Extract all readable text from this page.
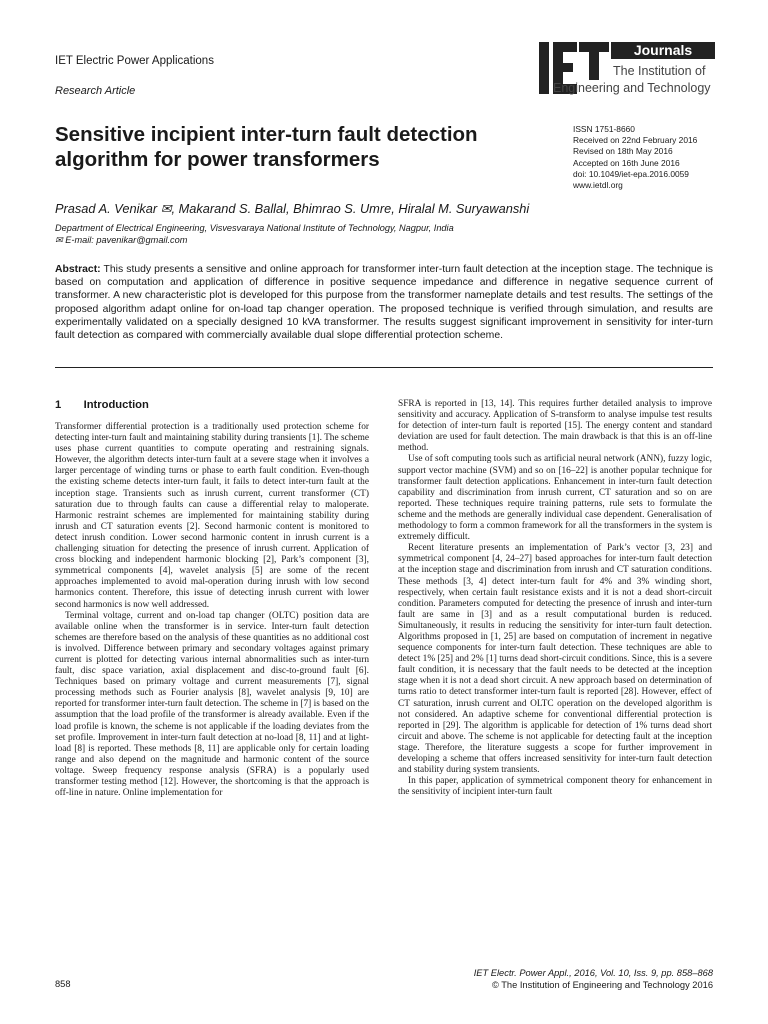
IET Electric Power Applications
Research Article
Journals
The Institution of
Engineering and Technology
Sensitive incipient inter-turn fault detection algorithm for power transformers
ISSN 1751-8660
Received on 22nd February 2016
Revised on 18th May 2016
Accepted on 16th June 2016
doi: 10.1049/iet-epa.2016.0059
www.ietdl.org
Prasad A. Venikar ✉, Makarand S. Ballal, Bhimrao S. Umre, Hiralal M. Suryawanshi
Department of Electrical Engineering, Visvesvaraya National Institute of Technology, Nagpur, India
✉ E-mail: pavenikar@gmail.com
Abstract: This study presents a sensitive and online approach for transformer inter-turn fault detection at the inception stage. The technique is based on computation and application of difference in positive sequence impedance and difference in negative sequence current of transformer. A new characteristic plot is developed for this purpose from the transformer nameplate details and test results. The settings of the proposed algorithm adapt online for on-load tap changer operation. The proposed technique is verified through simulation, and results are experimentally validated on a specially designed 10 kVA transformer. The results suggest significant improvement in sensitivity for inter-turn fault detection as compared with commercially available dual slope differential protection scheme.
1  Introduction

Transformer differential protection is a traditionally used protection scheme for detecting inter-turn fault and maintaining stability during transients [1]. The scheme uses phase current quantities to compute operating and restraining signals. However, the algorithm detects inter-turn fault at a severe stage when it involves a larger percentage of winding turns or phase to earth fault condition. Even-though the existing scheme detects inter-turn fault, it fails to detect inter-turn fault at the inception stage. Transients such as inrush current, current transformer (CT) saturation due to through faults can cause a differential relay to maloperate. Harmonic restraint schemes are implemented for maintaining stability during inrush and CT saturation events [2]. Second harmonic content is monitored to detect inrush condition. Lower second harmonic content in inrush current is a challenging situation for detecting the presence of inrush current. Application of cross blocking and independent harmonic blocking [2], Park’s component [3], symmetrical components [4], wavelet analysis [5] are some of the recent approaches implemented to avoid mal-operation during inrush with low second harmonics content. Therefore, this issue of detecting inrush current with lower second harmonics is now well addressed.

Terminal voltage, current and on-load tap changer (OLTC) position data are available online when the transformer is in service. Inter-turn fault detection schemes are therefore based on the analysis of these quantities as no additional cost is involved. Difference between primary and secondary voltages against primary current is plotted for detecting various internal abnormalities such as inter-turn fault, disc space variation, axial displacement and disc-to-ground fault [6]. Techniques based on primary voltage and current measurements [7], signal processing methods such as Fourier analysis [8], wavelet analysis [9, 10] are reported for transformer inter-turn fault detection. The scheme in [7] is based on the assumption that the load profile of the transformer is already available. Even if the load profile is known, the scheme is not applicable if the loading deviates from the set profile. Improvement in inter-turn fault detection at no-load [8, 11] and at light-load [8] is reported. These methods [8, 11] are applicable only for certain loading range and also depend on the magnitude and harmonic content of the source voltage. Sweep frequency response analysis (SFRA) is a popularly used transformer testing method [12]. However, the shortcoming is that the approach is off-line in nature. Online implementation for

SFRA is reported in [13, 14]. This requires further detailed analysis to improve sensitivity and accuracy. Application of S-transform to analyse impulse test results for detection of inter-turn fault is reported [15]. The energy content and standard deviation are used for fault detection. The main drawback is that this is an off-line method.

Use of soft computing tools such as artificial neural network (ANN), fuzzy logic, support vector machine (SVM) and so on [16–22] is another popular technique for transformer fault detection applications. Enhancement in inter-turn fault detection capability and discrimination from inrush current, CT saturation and so on are reported. These techniques require training patterns, rule sets to formulate the scheme and the methods are generally individual case dependent. Generalisation of methodology to form a common framework for all the transformers in the system is extremely difficult.

Recent literature presents an implementation of Park’s vector [3, 23] and symmetrical component [4, 24–27] based approaches for inter-turn fault detection at the inception stage and discrimination from inrush and CT saturation conditions. These methods [3, 4] detect inter-turn fault for 4% and 3% winding short, respectively, when certain fault resistance exists and it is not a dead short-circuit condition. Parameters computed for detecting the presence of inrush and inter-turn fault are same in [3] and as a result computational burden is reduced. Simultaneously, it results in reducing the sensitivity for inter-turn fault detection. Algorithms proposed in [1, 25] are based on computation of increment in negative sequence components for inter-turn fault detection. These techniques are able to detect 1% [25] and 2% [1] turns dead short-circuit conditions. Since, this is a severe fault condition, it is necessary that the fault needs to be detected at the inception stage when it is not a dead short circuit. A new approach based on determination of turns ratio to detect transformer inter-turn fault is reported [28]. However, effect of CT saturation, inrush current and OLTC operation on the developed algorithm is not considered. An adaptive scheme for conventional differential protection is reported in [29]. The algorithm is applicable for detection of 1% turns dead short circuit and above. The scheme is not applicable for detecting fault at the inception stage. Therefore, the literature suggests a scope for further improvement in developing a scheme that offers increased sensitivity for inter-turn fault detection and stability during system transients.

In this paper, application of symmetrical component theory for enhancement in the sensitivity of incipient inter-turn fault

858
IET Electr. Power Appl., 2016, Vol. 10, Iss. 9, pp. 858–868
© The Institution of Engineering and Technology 2016
